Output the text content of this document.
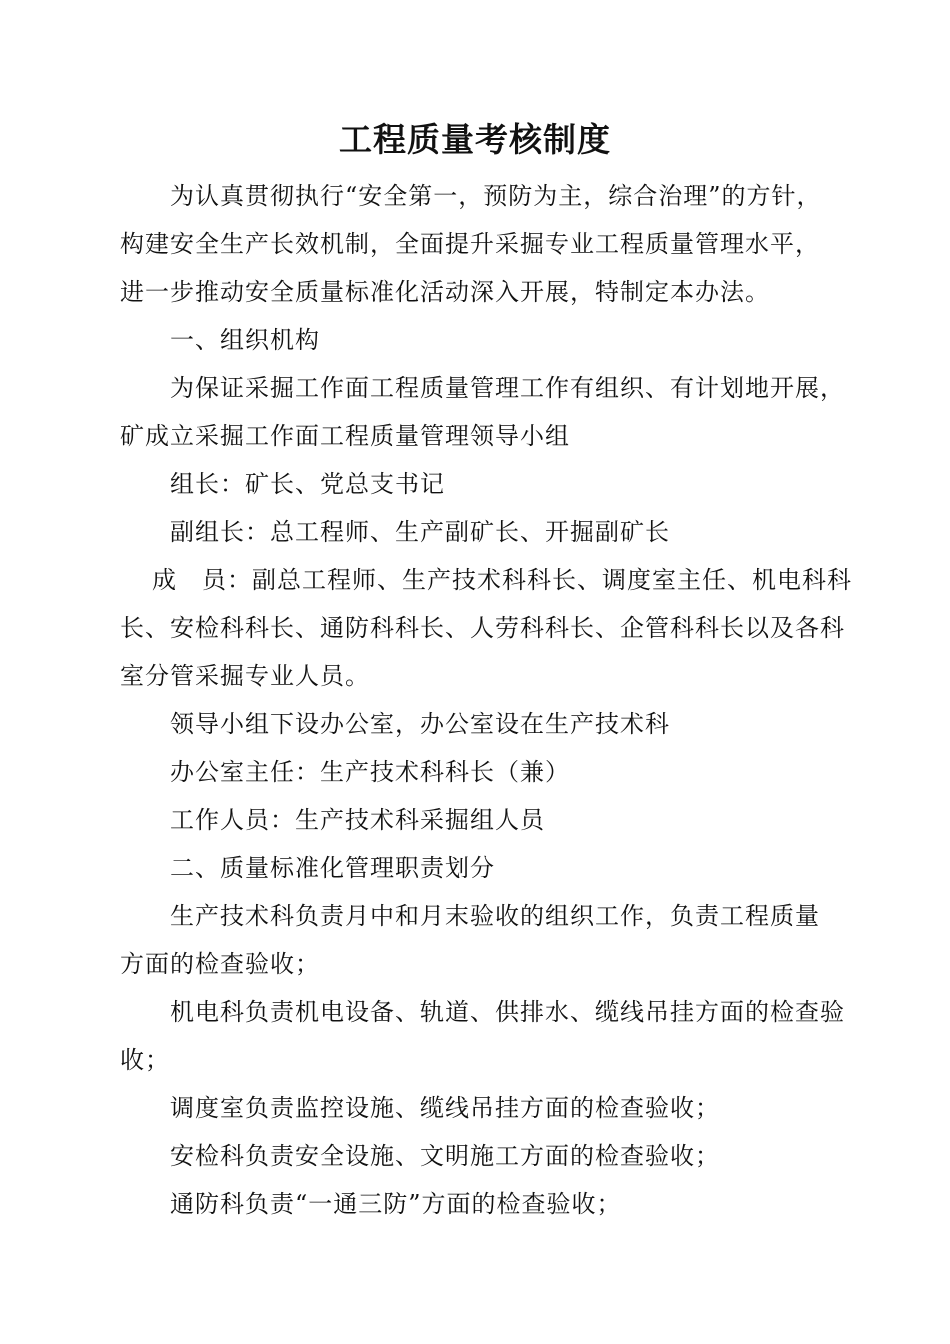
工程质量考核制度

为认真贯彻执行“安全第一，预防为主，综合治理”的方针，

构建安全生产长效机制，全面提升采掘专业工程质量管理水平，

进一步推动安全质量标准化活动深入开展，特制定本办法。

一、组织机构

为保证采掘工作面工程质量管理工作有组织、有计划地开展，

矿成立采掘工作面工程质量管理领导小组

组长：矿长、党总支书记

副组长：总工程师、生产副矿长、开掘副矿长

成　员：副总工程师、生产技术科科长、调度室主任、机电科科

长、安检科科长、通防科科长、人劳科科长、企管科科长以及各科

室分管采掘专业人员。

领导小组下设办公室，办公室设在生产技术科

办公室主任：生产技术科科长（兼）

工作人员：生产技术科采掘组人员

二、质量标准化管理职责划分

生产技术科负责月中和月末验收的组织工作，负责工程质量

方面的检查验收；

机电科负责机电设备、轨道、供排水、缆线吊挂方面的检查验

收；

调度室负责监控设施、缆线吊挂方面的检查验收；

安检科负责安全设施、文明施工方面的检查验收；

通防科负责“一通三防”方面的检查验收；
